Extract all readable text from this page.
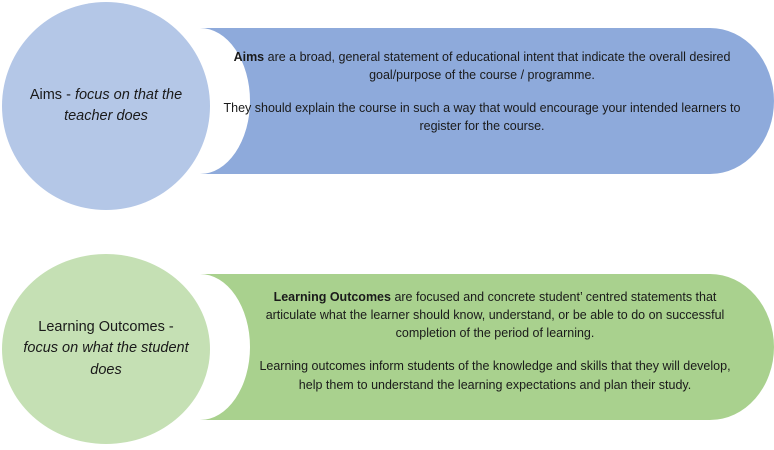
Aims - focus on that the teacher does

Aims are a broad, general statement of educational intent that indicate the overall desired goal/purpose of the course / programme.

They should explain the course in such a way that would encourage your intended learners to register for the course.

Learning Outcomes -
focus on what the student does

Learning Outcomes are focused and concrete student’ centred statements that articulate what the learner should know, understand, or be able to do on successful completion of the period of learning.

Learning outcomes inform students of the knowledge and skills that they will develop, help them to understand the learning expectations and plan their study.
